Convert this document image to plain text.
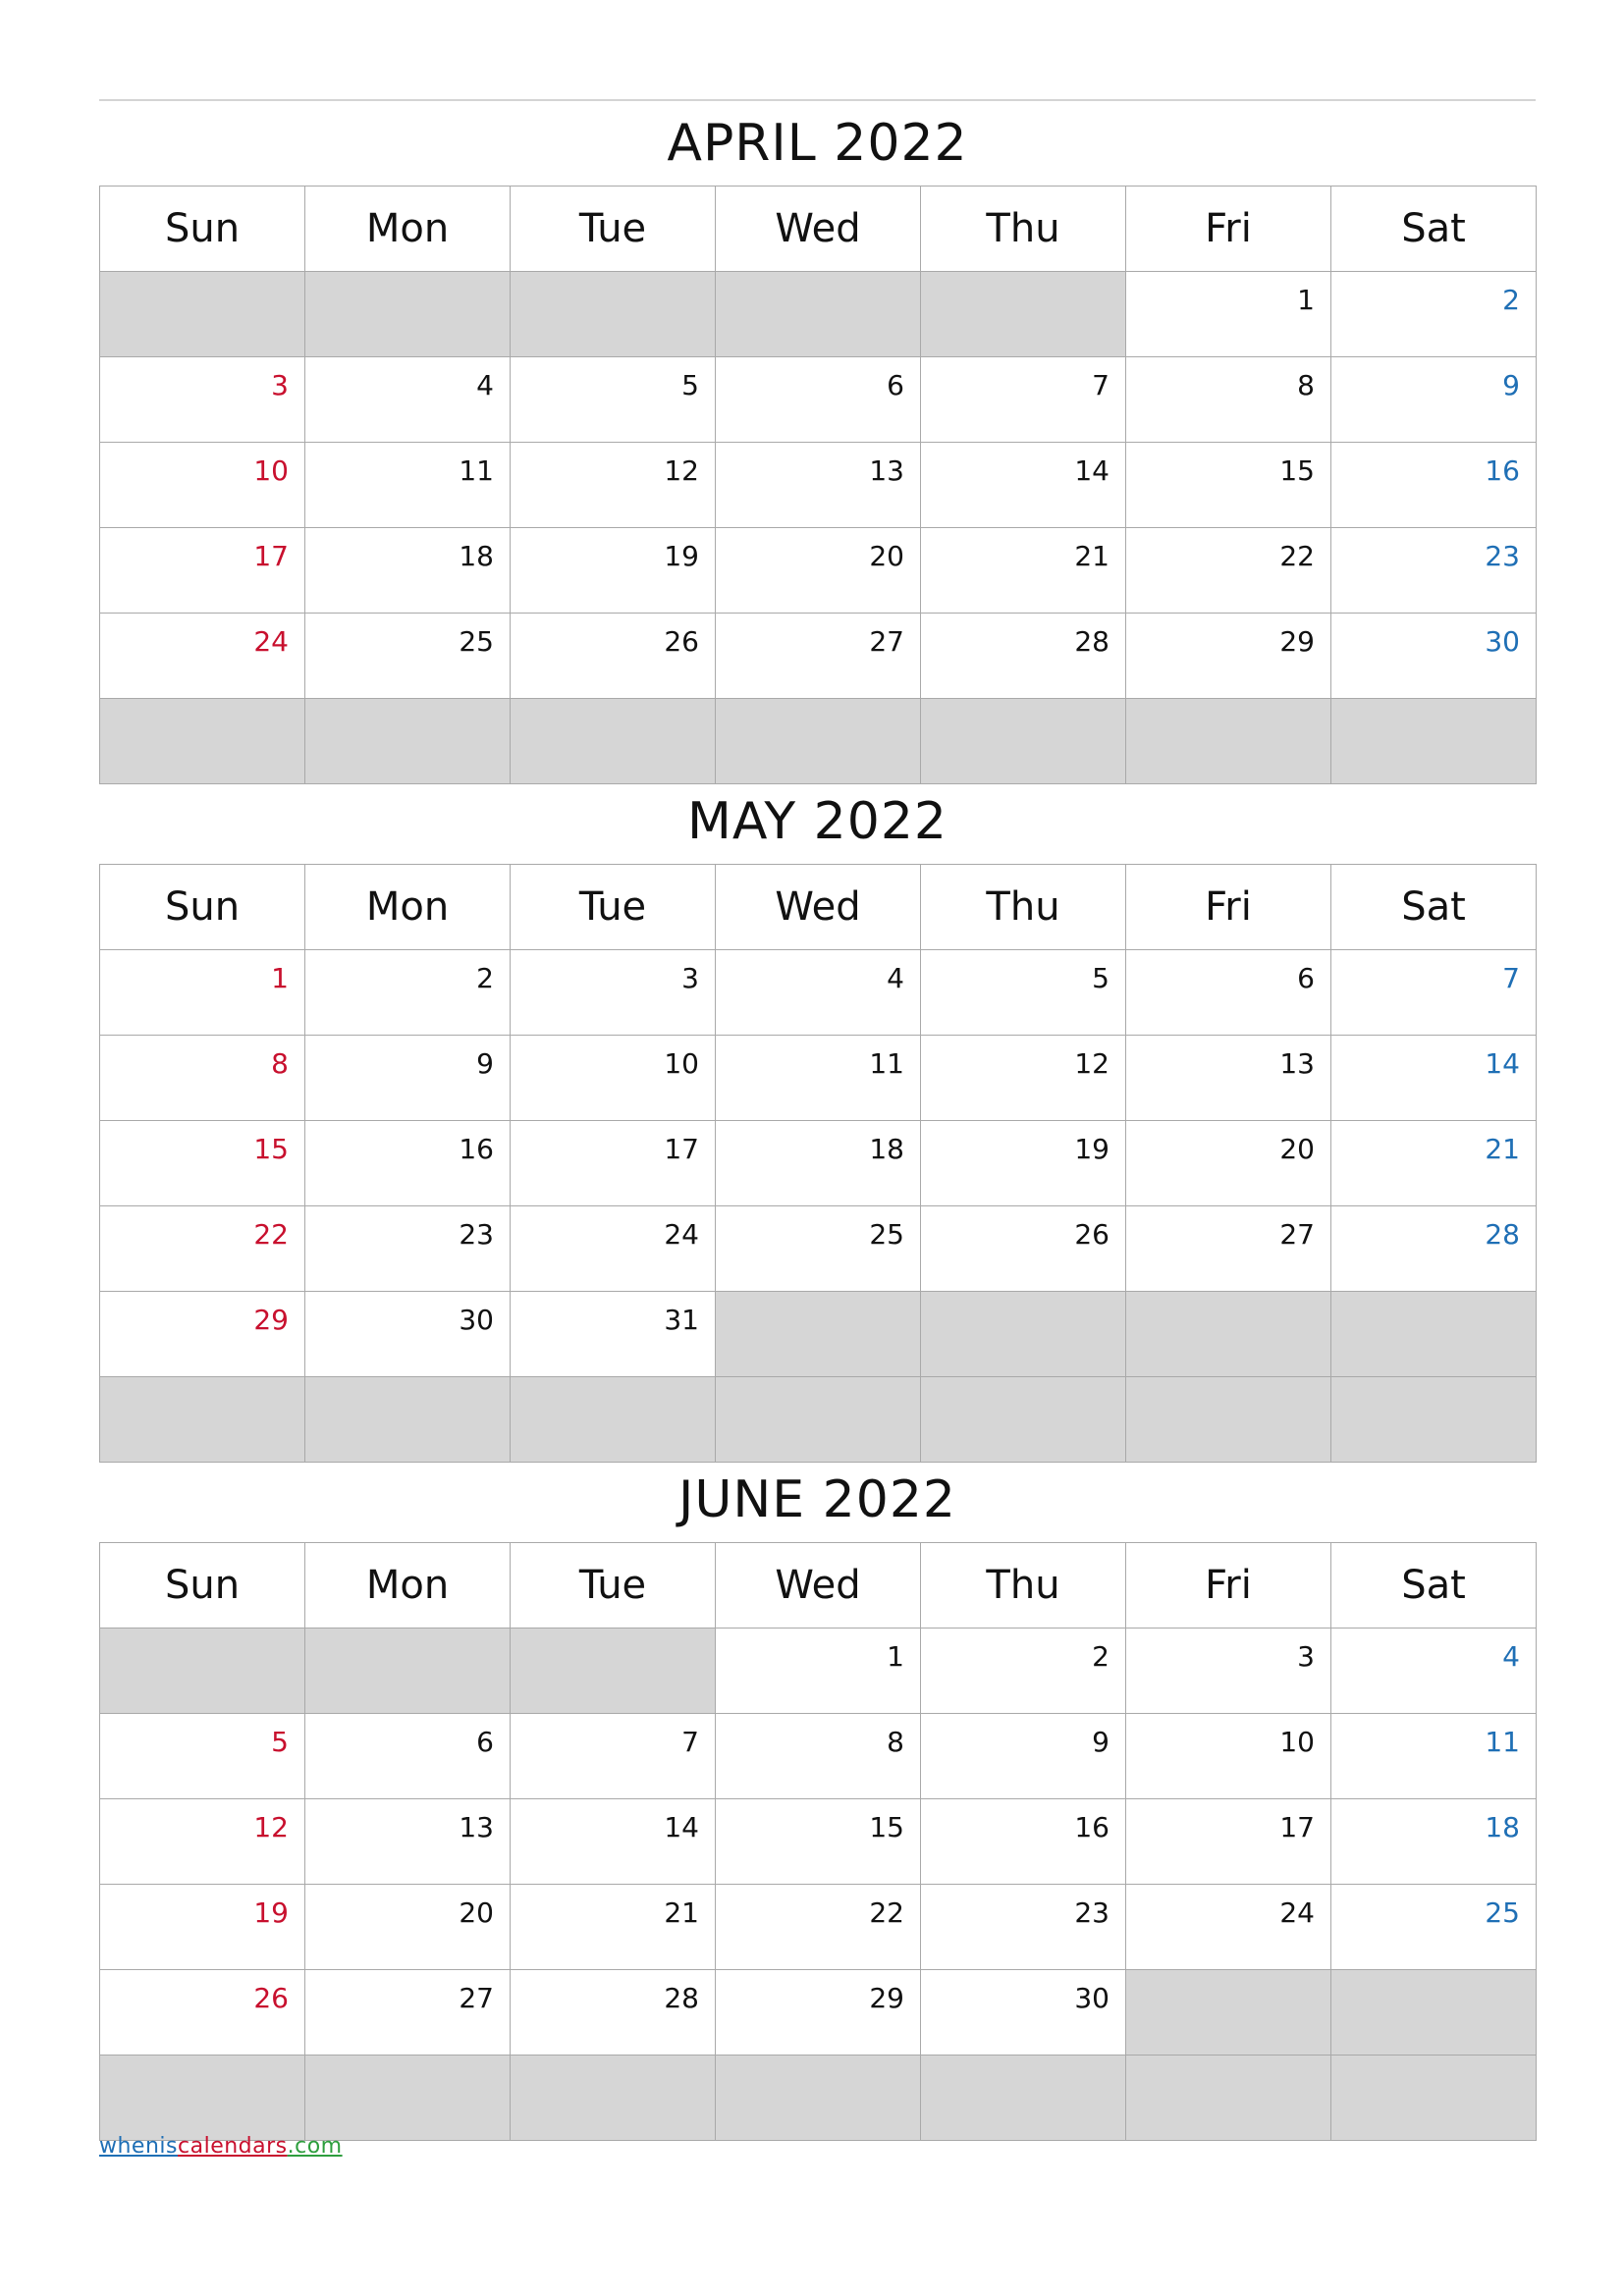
APRIL 2022
Sun	Mon	Tue	Wed	Thu	Fri	Sat
					1	2
3	4	5	6	7	8	9
10	11	12	13	14	15	16
17	18	19	20	21	22	23
24	25	26	27	28	29	30

MAY 2022
Sun	Mon	Tue	Wed	Thu	Fri	Sat
1	2	3	4	5	6	7
8	9	10	11	12	13	14
15	16	17	18	19	20	21
22	23	24	25	26	27	28
29	30	31				

JUNE 2022
Sun	Mon	Tue	Wed	Thu	Fri	Sat
			1	2	3	4
5	6	7	8	9	10	11
12	13	14	15	16	17	18
19	20	21	22	23	24	25
26	27	28	29	30		

wheniscalendars.com
